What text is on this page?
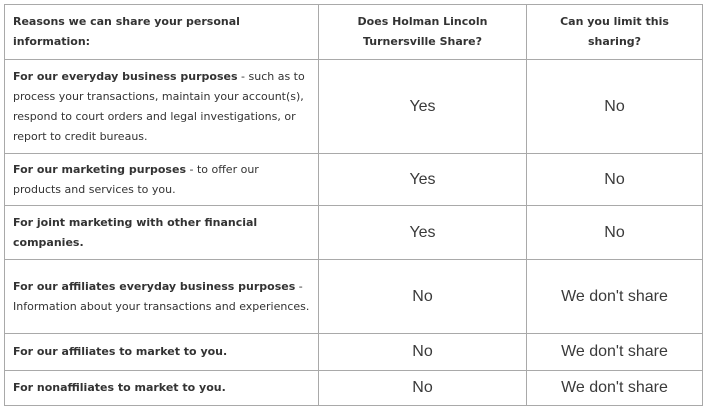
Reasons we can share your personal information:	Does Holman Lincoln Turnersville Share?	Can you limit this sharing?
For our everyday business purposes - such as to process your transactions, maintain your account(s), respond to court orders and legal investigations, or report to credit bureaus.	Yes	No
For our marketing purposes - to offer our products and services to you.	Yes	No
For joint marketing with other financial companies.	Yes	No
For our affiliates everyday business purposes - Information about your transactions and experiences.	No	We don't share
For our affiliates to market to you.	No	We don't share
For nonaffiliates to market to you.	No	We don't share
